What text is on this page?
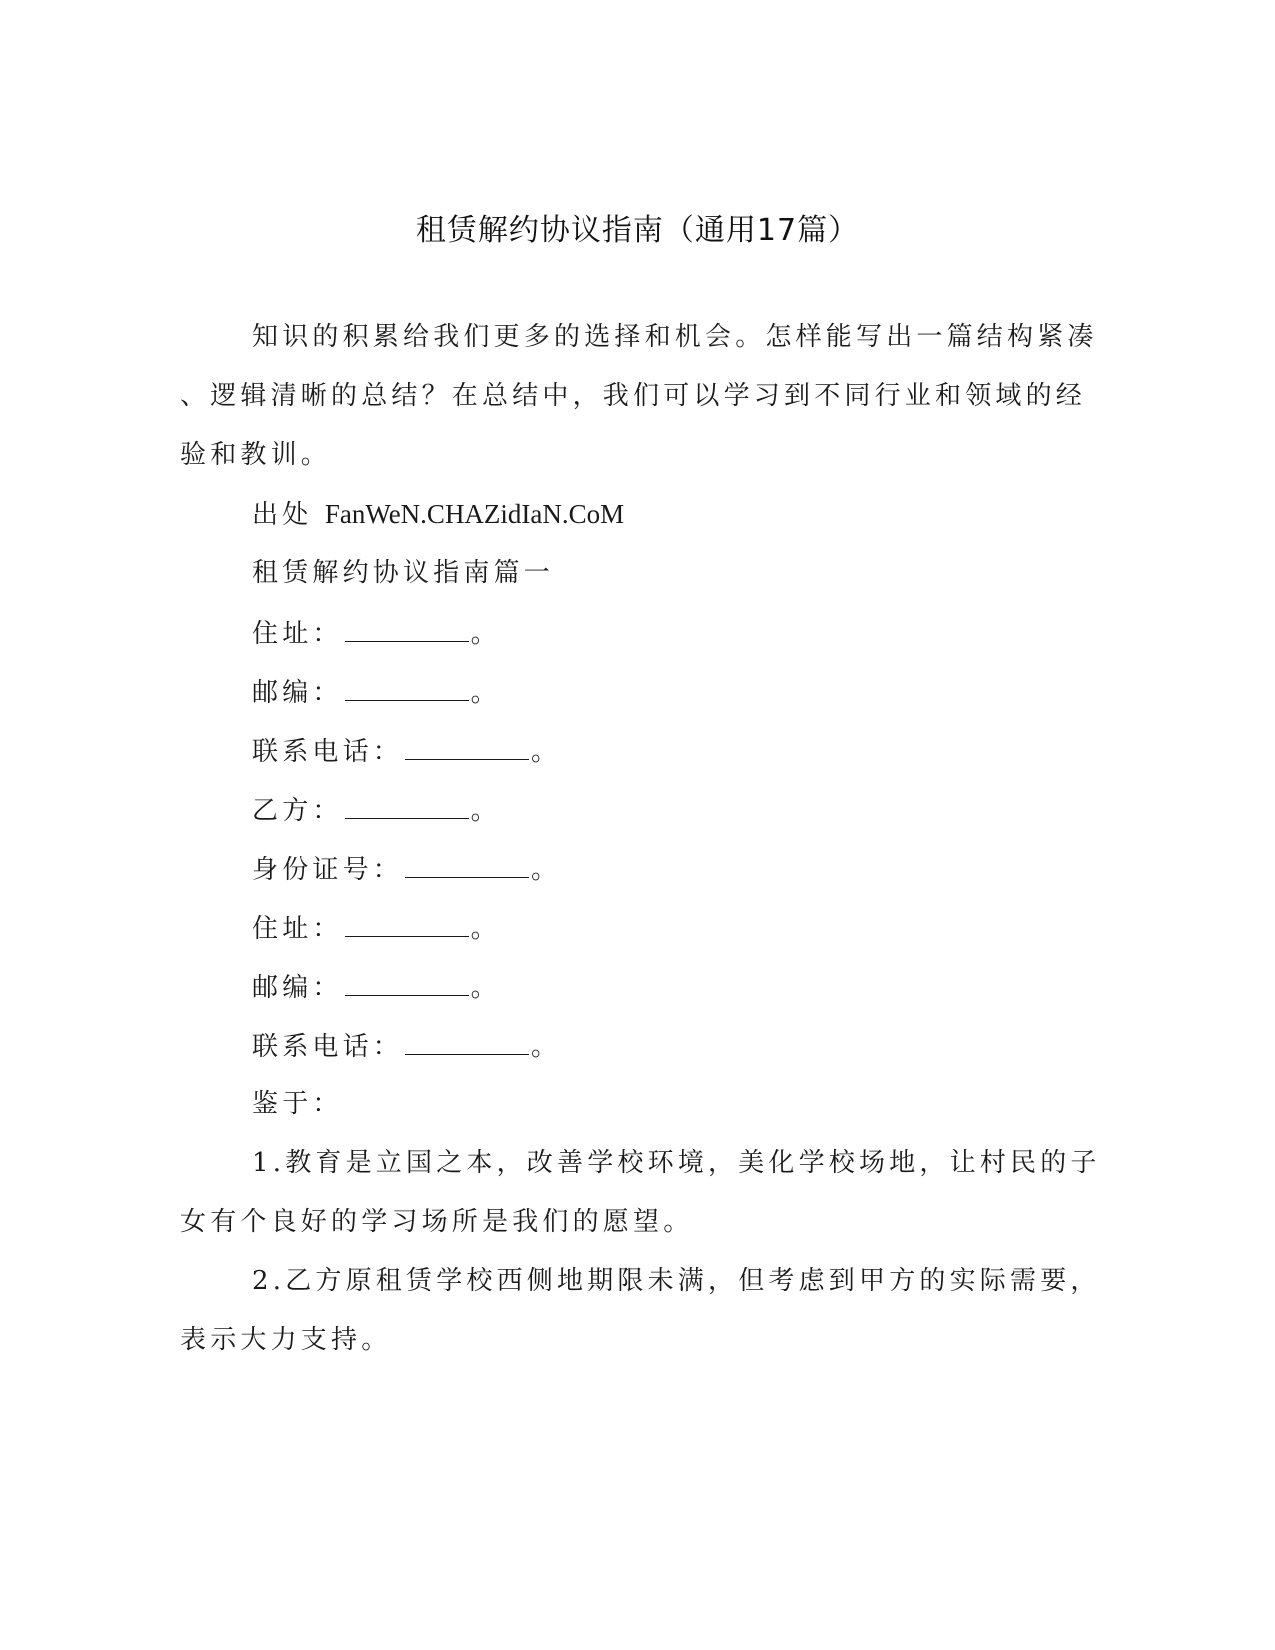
租赁解约协议指南（通用17篇）
知识的积累给我们更多的选择和机会。怎样能写出一篇结构紧凑
、逻辑清晰的总结？在总结中，我们可以学习到不同行业和领域的经
验和教训。
出处 FanWeN.CHAZidIaN.CoM
租赁解约协议指南篇一
住址：	。
邮编：	。
联系电话：	。
乙方：	。
身份证号：	。
住址：	。
邮编：	。
联系电话：	。
鉴于：
1.教育是立国之本，改善学校环境，美化学校场地，让村民的子
女有个良好的学习场所是我们的愿望。
2.乙方原租赁学校西侧地期限未满，但考虑到甲方的实际需要，
表示大力支持。
